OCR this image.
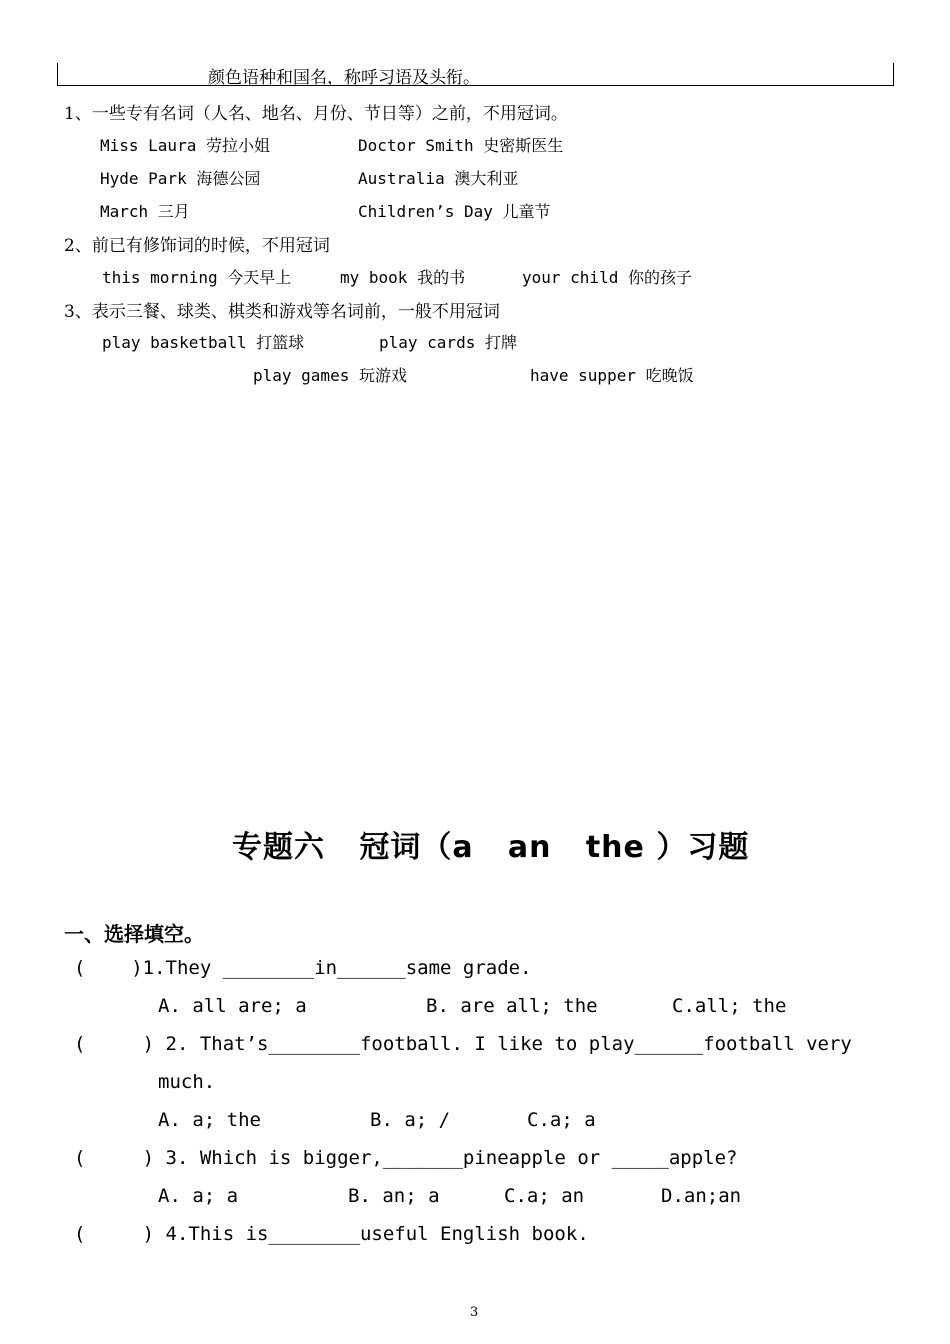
颜色语种和国名，称呼习语及头衔。
1、一些专有名词（人名、地名、月份、节日等）之前，不用冠词。
Miss Laura 劳拉小姐	Doctor Smith 史密斯医生
Hyde Park 海德公园	Australia 澳大利亚
March 三月	Children’s Day 儿童节
2、前已有修饰词的时候，不用冠词
this morning 今天早上	my book 我的书	your child 你的孩子
3、表示三餐、球类、棋类和游戏等名词前，一般不用冠词
play basketball 打篮球	play cards 打牌
play games 玩游戏	have supper 吃晚饭
专题六   冠词（a   an   the ）习题
一、选择填空。
(    )1.They ________in______same grade.
A. all are; a	B. are all; the	C.all; the
(     ) 2. That’s________football. I like to play______football very
much.
A. a; the	B. a; /	C.a; a
(     ) 3. Which is bigger,_______pineapple or _____apple?
A. a; a	B. an; a	C.a; an	D.an;an
(     ) 4.This is________useful English book.
3
